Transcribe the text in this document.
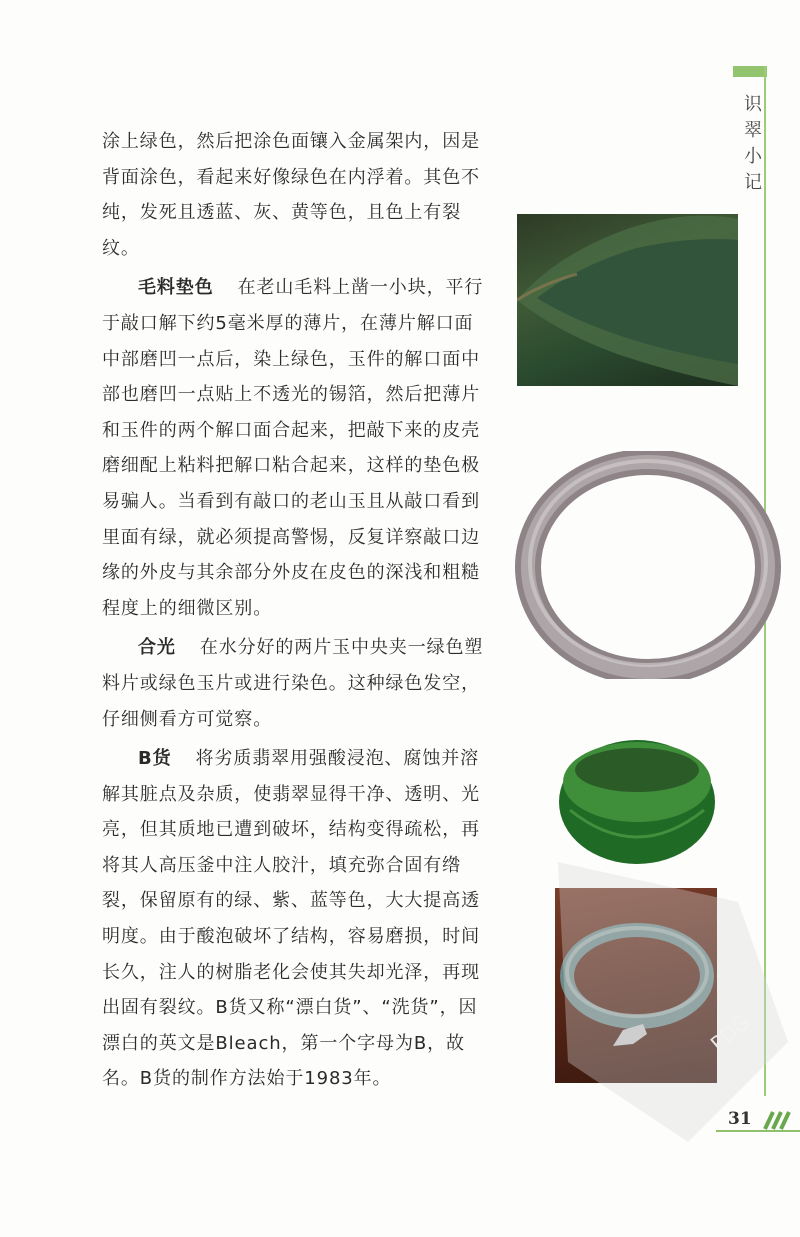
识翠小记

涂上绿色，然后把涂色面镶入金属架内，因是背面涂色，看起来好像绿色在内浮着。其色不纯，发死且透蓝、灰、黄等色，且色上有裂纹。

毛料垫色 在老山毛料上凿一小块，平行于敲口解下约5毫米厚的薄片，在薄片解口面中部磨凹一点后，染上绿色，玉件的解口面中部也磨凹一点贴上不透光的锡箔，然后把薄片和玉件的两个解口面合起来，把敲下来的皮壳磨细配上粘料把解口粘合起来，这样的垫色极易骗人。当看到有敲口的老山玉且从敲口看到里面有绿，就必须提高警惕，反复详察敲口边缘的外皮与其余部分外皮在皮色的深浅和粗糙程度上的细微区别。

合光 在水分好的两片玉中央夹一绿色塑料片或绿色玉片或进行染色。这种绿色发空，仔细侧看方可觉察。

B货 将劣质翡翠用强酸浸泡、腐蚀并溶解其脏点及杂质，使翡翠显得干净、透明、光亮，但其质地已遭到破坏，结构变得疏松，再将其人高压釜中注人胶汁，填充弥合固有绺裂，保留原有的绿、紫、蓝等色，大大提高透明度。由于酸泡破坏了结构，容易磨损，时间长久，注人的树脂老化会使其失却光泽，再现出固有裂纹。B货又称“漂白货”、“洗货”，因漂白的英文是Bleach，第一个字母为B，故名。B货的制作方法始于1983年。

PDG
31
